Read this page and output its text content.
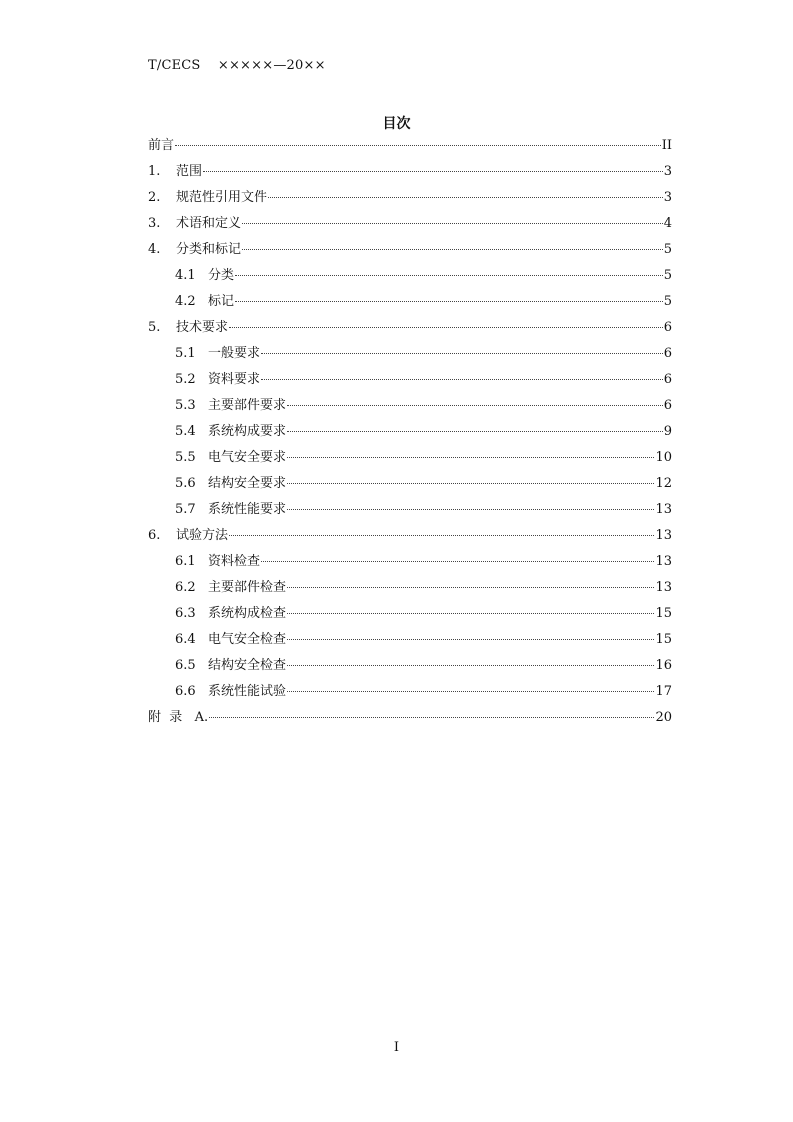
T/CECS    ×××××—20××
目次
前言	II
1.	范围	3
2.	规范性引用文件	3
3.	术语和定义	4
4.	分类和标记	5
4.1 分类	5
4.2 标记	5
5.	技术要求	6
5.1 一般要求	6
5.2 资料要求	6
5.3 主要部件要求	6
5.4 系统构成要求	9
5.5 电气安全要求	10
5.6 结构安全要求	12
5.7 系统性能要求	13
6.	试验方法	13
6.1 资料检查	13
6.2 主要部件检查	13
6.3 系统构成检查	15
6.4 电气安全检查	15
6.5 结构安全检查	16
6.6 系统性能试验	17
附  录   A.	20
I
